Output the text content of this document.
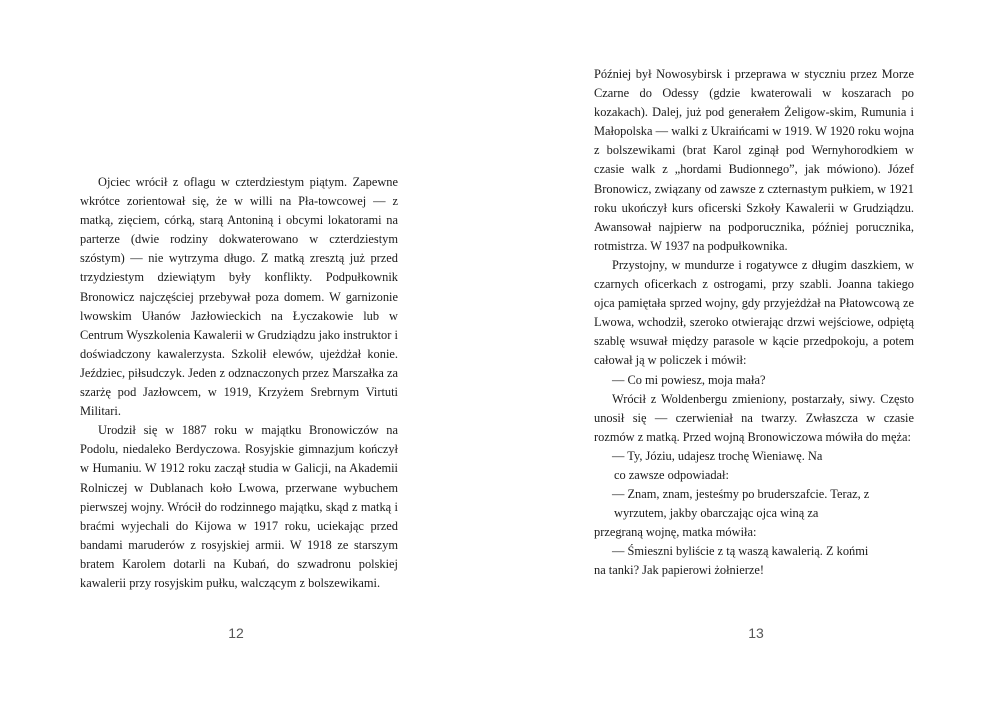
Ojciec wrócił z oflagu w czterdziestym piątym. Zapewne wkrótce zorientował się, że w willi na Pła-towcowej — z matką, zięciem, córką, starą Antoniną i obcymi lokatorami na parterze (dwie rodziny dokwaterowano w czterdziestym szóstym) — nie wytrzyma długo. Z matką zresztą już przed trzydziestym dziewiątym były konflikty. Podpułkownik Bronowicz najczęściej przebywał poza domem. W garnizonie lwowskim Ułanów Jazłowieckich na Łyczakowie lub w Centrum Wyszkolenia Kawalerii w Grudziądzu jako instruktor i doświadczony kawalerzysta. Szkolił elewów, ujeżdżał konie. Jeździec, piłsudczyk. Jeden z odznaczonych przez Marszałka za szarżę pod Jazłowcem, w 1919, Krzyżem Srebrnym Virtuti Militari.

Urodził się w 1887 roku w majątku Bronowiczów na Podolu, niedaleko Berdyczowa. Rosyjskie gimnazjum kończył w Humaniu. W 1912 roku zaczął studia w Galicji, na Akademii Rolniczej w Dublanach koło Lwowa, przerwane wybuchem pierwszej wojny. Wrócił do rodzinnego majątku, skąd z matką i braćmi wyjechali do Kijowa w 1917 roku, uciekając przed bandami maruderów z rosyjskiej armii. W 1918 ze starszym bratem Karolem dotarli na Kubań, do szwadronu polskiej kawalerii przy rosyjskim pułku, walczącym z bolszewikami.

12

Później był Nowosybirsk i przeprawa w styczniu przez Morze Czarne do Odessy (gdzie kwaterowali w koszarach po kozakach). Dalej, już pod generałem Żeligow-skim, Rumunia i Małopolska — walki z Ukraińcami w 1919. W 1920 roku wojna z bolszewikami (brat Karol zginął pod Wernyhorodkiem w czasie walk z „hordami Budionnego”, jak mówiono). Józef Bronowicz, związany od zawsze z czternastym pułkiem, w 1921 roku ukończył kurs oficerski Szkoły Kawalerii w Grudziądzu. Awansował najpierw na podporucznika, później porucznika, rotmistrza. W 1937 na podpułkownika.

Przystojny, w mundurze i rogatywce z długim daszkiem, w czarnych oficerkach z ostrogami, przy szabli. Joanna takiego ojca pamiętała sprzed wojny, gdy przyjeżdżał na Płatowcową ze Lwowa, wchodził, szeroko otwierając drzwi wejściowe, odpiętą szablę wsuwał między parasole w kącie przedpokoju, a potem całował ją w policzek i mówił:

— Co mi powiesz, moja mała?

Wrócił z Woldenbergu zmieniony, postarzały, siwy. Często unosił się — czerwieniał na twarzy. Zwłaszcza w czasie rozmów z matką. Przed wojną Bronowiczowa mówiła do męża:

— Ty, Józiu, udajesz trochę Wieniawę. Na

co zawsze odpowiadał:

— Znam, znam, jesteśmy po bruderszafcie. Teraz, z

wyrzutem, jakby obarczając ojca winą za

przegraną wojnę, matka mówiła:

— Śmieszni byliście z tą waszą kawalerią. Z końmi

na tanki? Jak papierowi żołnierze!

13
